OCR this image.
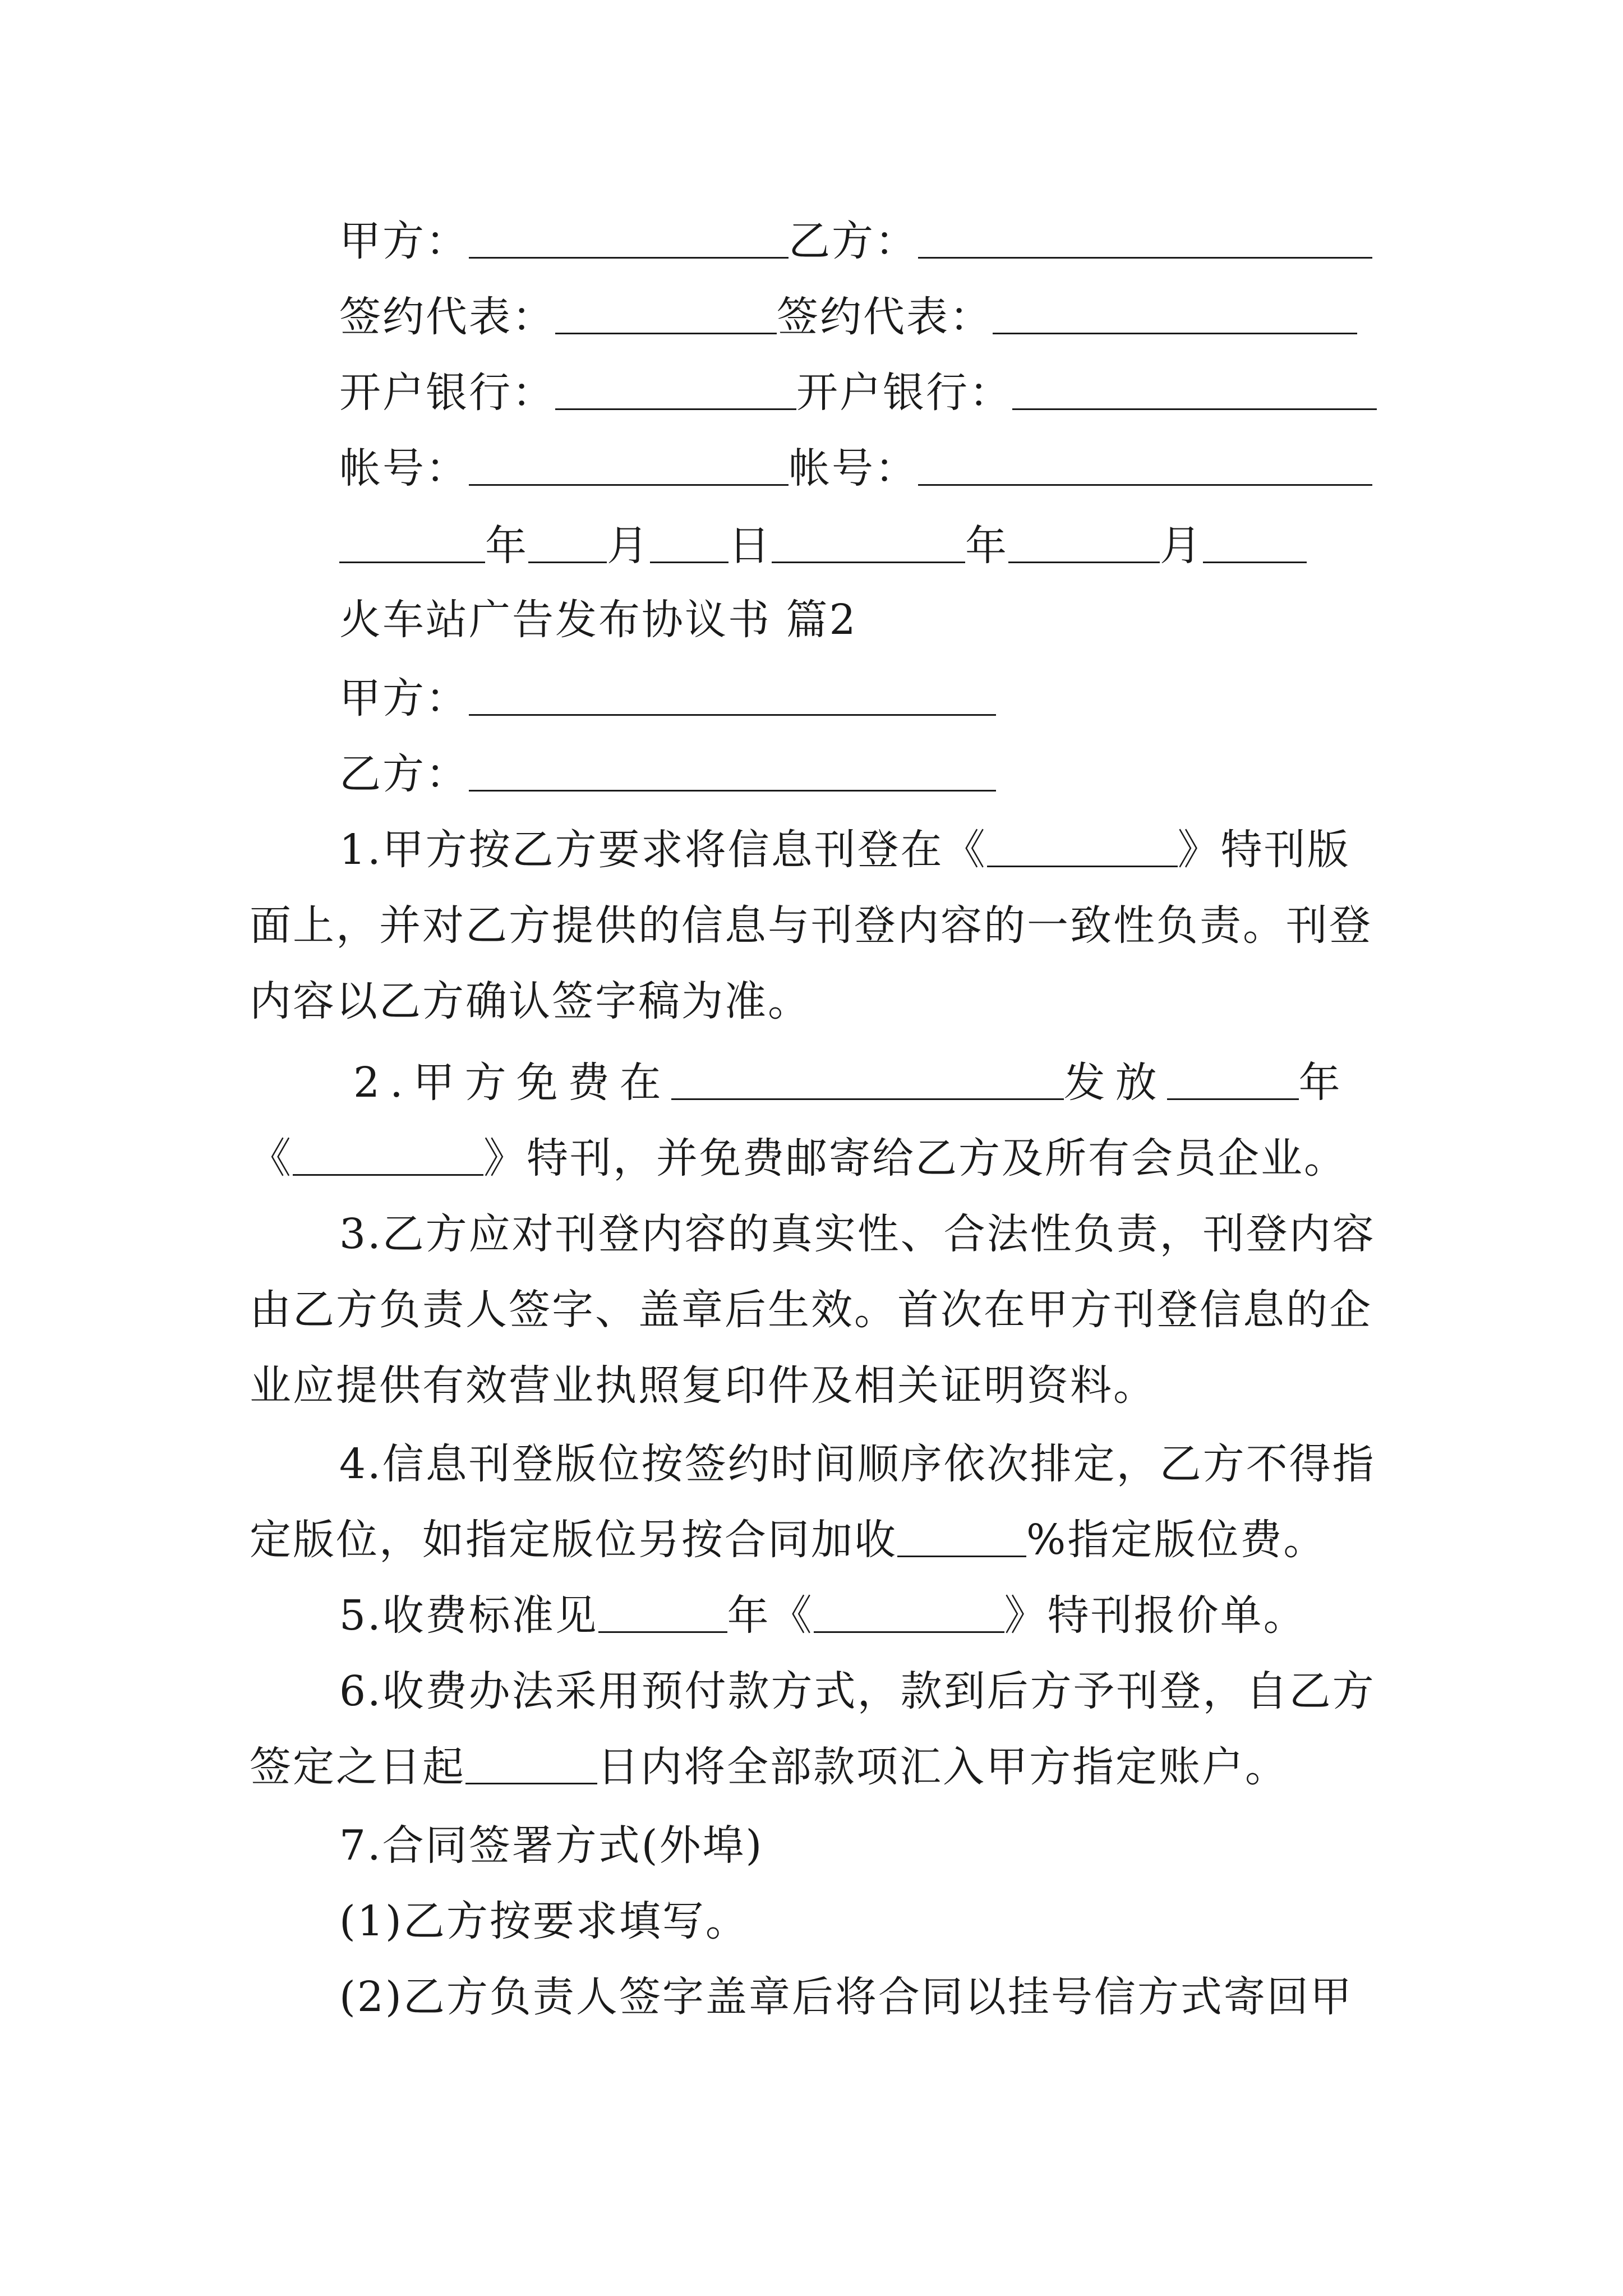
甲方：	乙方：
签约代表：	签约代表：
开户银行：	开户银行：
帐号：	帐号：
年 月 日	年	月
火车站广告发布协议书 篇2
甲方：
乙方：
1.甲方按乙方要求将信息刊登在《	》特刊版
面上，并对乙方提供的信息与刊登内容的一致性负责。刊登
内容以乙方确认签字稿为准。
2.甲方免费在	发放	年
《	》特刊，并免费邮寄给乙方及所有会员企业。
3.乙方应对刊登内容的真实性、合法性负责，刊登内容
由乙方负责人签字、盖章后生效。首次在甲方刊登信息的企
业应提供有效营业执照复印件及相关证明资料。
4.信息刊登版位按签约时间顺序依次排定，乙方不得指
定版位，如指定版位另按合同加收	%指定版位费。
5.收费标准见	年《	》特刊报价单。
6.收费办法采用预付款方式，款到后方予刊登，自乙方
签定之日起	日内将全部款项汇入甲方指定账户。
7.合同签署方式(外埠)
(1)乙方按要求填写。
(2)乙方负责人签字盖章后将合同以挂号信方式寄回甲
